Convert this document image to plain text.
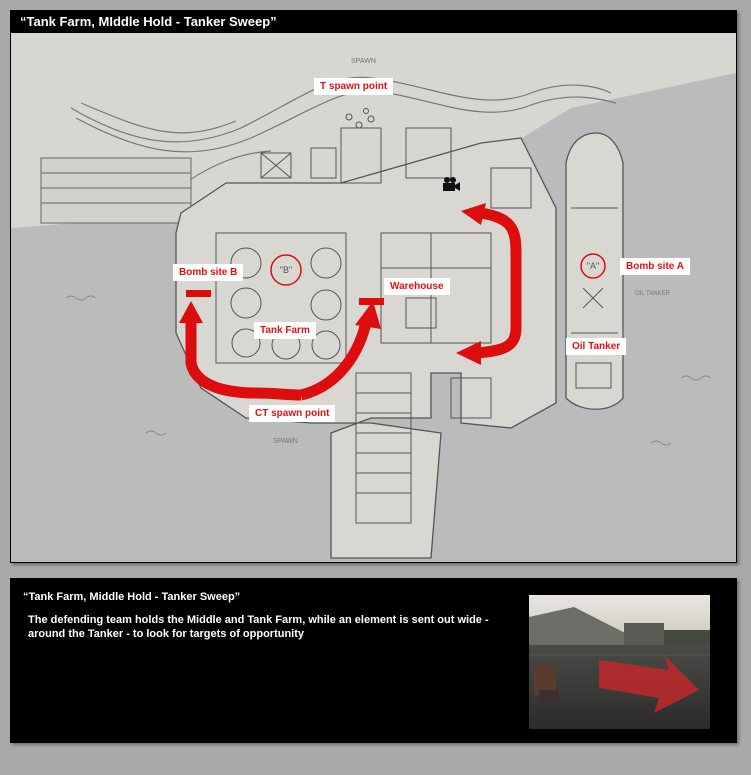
“Tank Farm, MIddle Hold - Tanker Sweep”
"B"	"A"
SPAWN
SPAWN
OIL TANKER
T spawn point
Bomb site B
Warehouse
Tank Farm
Bomb site A
Oil Tanker
CT spawn point
“Tank Farm, Middle Hold - Tanker Sweep”
The defending team holds the Middle and Tank Farm, while an element is sent out wide - around the Tanker - to look for targets of opportunity
